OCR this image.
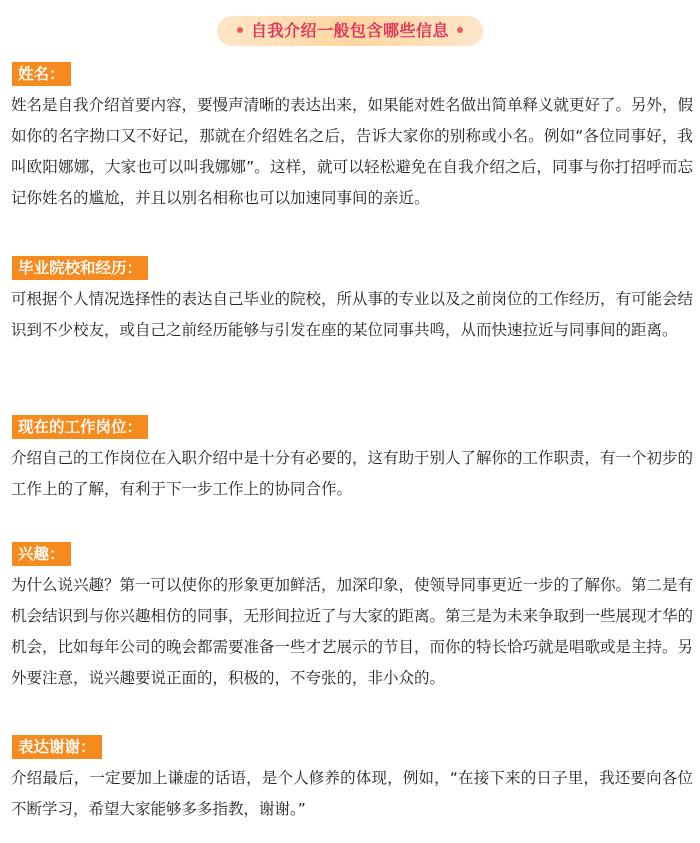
自我介绍一般包含哪些信息
姓名：

姓名是自我介绍首要内容，要慢声清晰的表达出来，如果能对姓名做出简单释义就更好了。另外，假如你的名字拗口又不好记，那就在介绍姓名之后，告诉大家你的别称或小名。例如“各位同事好，我叫欧阳娜娜，大家也可以叫我娜娜”。这样，就可以轻松避免在自我介绍之后，同事与你打招呼而忘记你姓名的尴尬，并且以别名相称也可以加速同事间的亲近。

毕业院校和经历：

可根据个人情况选择性的表达自己毕业的院校，所从事的专业以及之前岗位的工作经历，有可能会结识到不少校友，或自己之前经历能够与引发在座的某位同事共鸣，从而快速拉近与同事间的距离。

现在的工作岗位：

介绍自己的工作岗位在入职介绍中是十分有必要的，这有助于别人了解你的工作职责，有一个初步的工作上的了解，有利于下一步工作上的协同合作。

兴趣：

为什么说兴趣？第一可以使你的形象更加鲜活，加深印象，使领导同事更近一步的了解你。第二是有机会结识到与你兴趣相仿的同事，无形间拉近了与大家的距离。第三是为未来争取到一些展现才华的机会，比如每年公司的晚会都需要准备一些才艺展示的节目，而你的特长恰巧就是唱歌或是主持。另外要注意，说兴趣要说正面的，积极的，不夸张的，非小众的。

表达谢谢：

介绍最后，一定要加上谦虚的话语，是个人修养的体现，例如，“在接下来的日子里，我还要向各位不断学习，希望大家能够多多指教，谢谢。”
